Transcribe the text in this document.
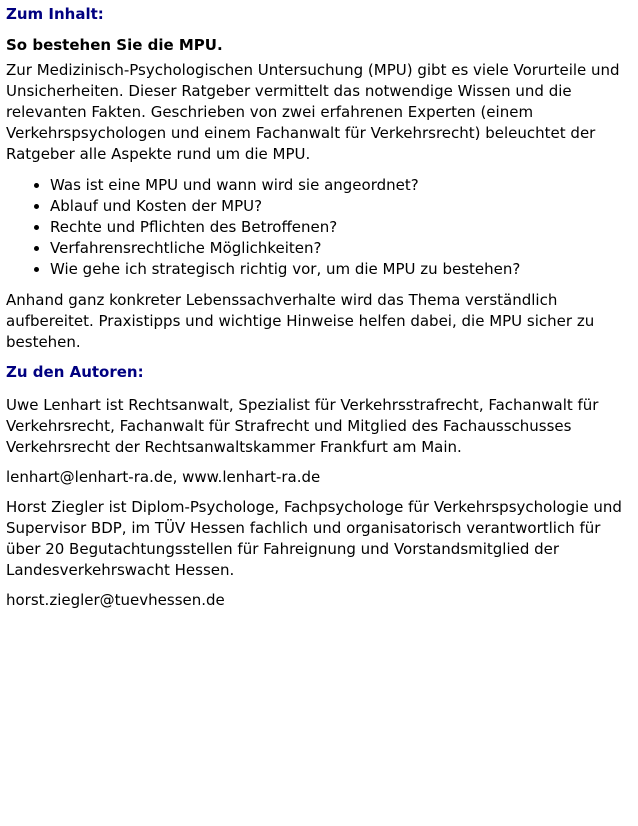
Zum Inhalt:
So bestehen Sie die MPU.

Zur Medizinisch-Psychologischen Untersuchung (MPU) gibt es viele Vorurteile und Unsicherheiten. Dieser Ratgeber vermittelt das notwendige Wissen und die relevanten Fakten. Geschrieben von zwei erfahrenen Experten (einem Verkehrspsychologen und einem Fachanwalt für Verkehrsrecht) beleuchtet der Ratgeber alle Aspekte rund um die MPU.

• Was ist eine MPU und wann wird sie angeordnet?
• Ablauf und Kosten der MPU?
• Rechte und Pflichten des Betroffenen?
• Verfahrensrechtliche Möglichkeiten?
• Wie gehe ich strategisch richtig vor, um die MPU zu bestehen?

Anhand ganz konkreter Lebenssachverhalte wird das Thema verständlich aufbereitet. Praxistipps und wichtige Hinweise helfen dabei, die MPU sicher zu bestehen.

Zu den Autoren:

Uwe Lenhart ist Rechtsanwalt, Spezialist für Verkehrsstrafrecht, Fachanwalt für Verkehrsrecht, Fachanwalt für Strafrecht und Mitglied des Fachausschusses Verkehrsrecht der Rechtsanwaltskammer Frankfurt am Main.

lenhart@lenhart-ra.de, www.lenhart-ra.de

Horst Ziegler ist Diplom-Psychologe, Fachpsychologe für Verkehrspsychologie und Supervisor BDP, im TÜV Hessen fachlich und organisatorisch verantwortlich für über 20 Begutachtungsstellen für Fahreignung und Vorstandsmitglied der Landesverkehrswacht Hessen.

horst.ziegler@tuevhessen.de
